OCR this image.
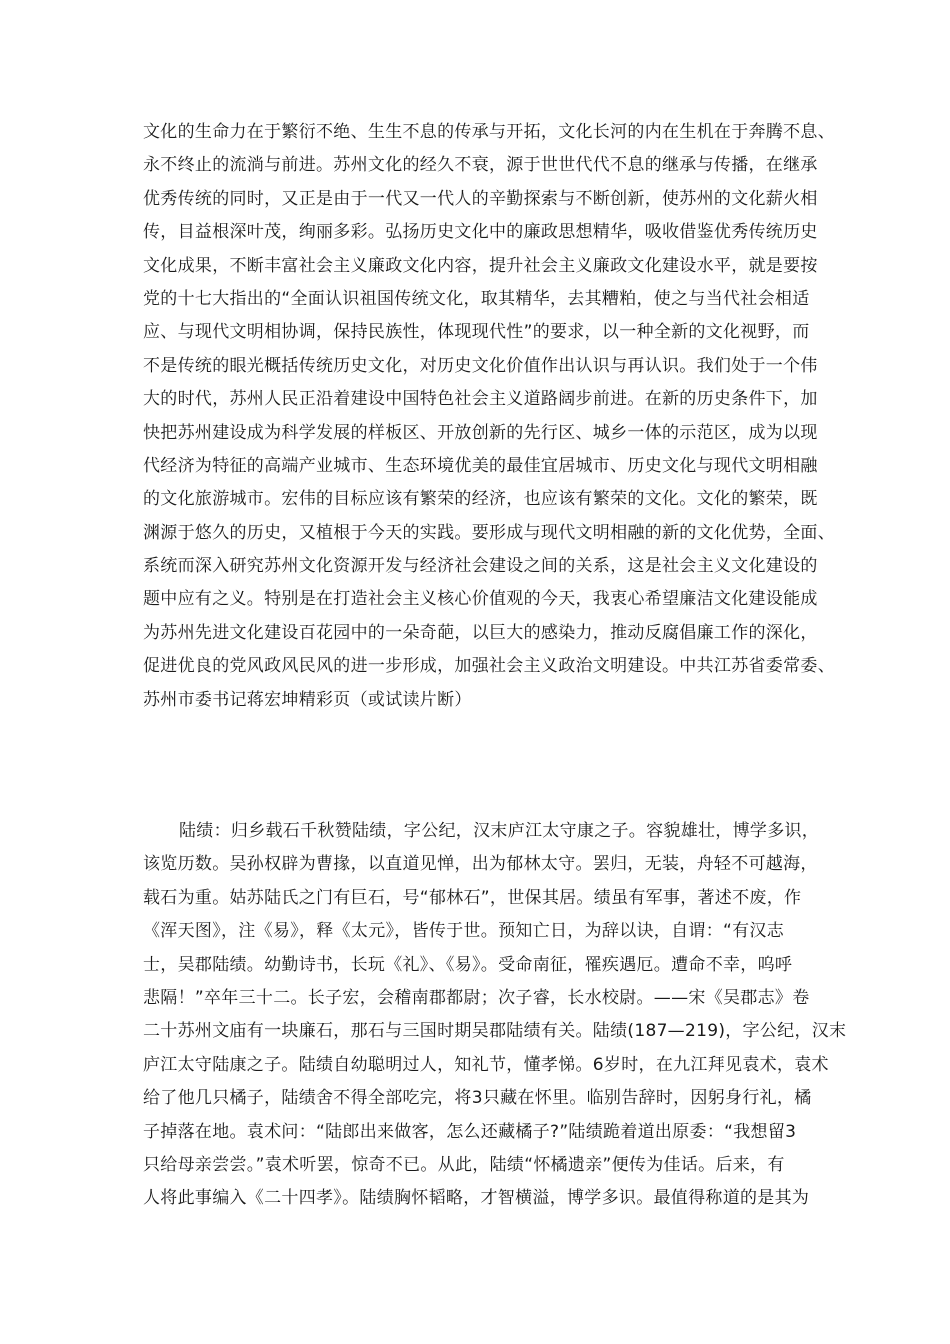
文化的生命力在于繁衍不绝、生生不息的传承与开拓，文化长河的内在生机在于奔腾不息、
永不终止的流淌与前进。苏州文化的经久不衰，源于世世代代不息的继承与传播，在继承
优秀传统的同时，又正是由于一代又一代人的辛勤探索与不断创新，使苏州的文化薪火相
传，目益根深叶茂，绚丽多彩。弘扬历史文化中的廉政思想精华，吸收借鉴优秀传统历史
文化成果，不断丰富社会主义廉政文化内容，提升社会主义廉政文化建设水平，就是要按
党的十七大指出的“全面认识祖国传统文化，取其精华，去其糟粕，使之与当代社会相适
应、与现代文明相协调，保持民族性，体现现代性”的要求，以一种全新的文化视野，而
不是传统的眼光概括传统历史文化，对历史文化价值作出认识与再认识。我们处于一个伟
大的时代，苏州人民正沿着建设中国特色社会主义道路阔步前进。在新的历史条件下，加
快把苏州建设成为科学发展的样板区、开放创新的先行区、城乡一体的示范区，成为以现
代经济为特征的高端产业城市、生态环境优美的最佳宜居城市、历史文化与现代文明相融
的文化旅游城市。宏伟的目标应该有繁荣的经济，也应该有繁荣的文化。文化的繁荣，既
渊源于悠久的历史，又植根于今天的实践。要形成与现代文明相融的新的文化优势，全面、
系统而深入研究苏州文化资源开发与经济社会建设之间的关系，这是社会主义文化建设的
题中应有之义。特别是在打造社会主义核心价值观的今天，我衷心希望廉洁文化建设能成
为苏州先进文化建设百花园中的一朵奇葩，以巨大的感染力，推动反腐倡廉工作的深化，
促进优良的党风政风民风的进一步形成，加强社会主义政治文明建设。中共江苏省委常委、
苏州市委书记蒋宏坤精彩页（或试读片断）
陆绩：归乡载石千秋赞陆绩，字公纪，汉末庐江太守康之子。容貌雄壮，博学多识，
该览历数。吴孙权辟为曹掾，以直道见惮，出为郁林太守。罢归，无装，舟轻不可越海，
载石为重。姑苏陆氏之门有巨石，号“郁林石”，世保其居。绩虽有军事，著述不废，作
《浑天图》，注《易》，释《太元》，皆传于世。预知亡日，为辞以诀，自谓：“有汉志
士，吴郡陆绩。幼勤诗书，长玩《礼》、《易》。受命南征，罹疾遇厄。遭命不幸，呜呼
悲隔！”卒年三十二。长子宏，会稽南郡都尉；次子睿，长水校尉。——宋《吴郡志》卷
二十苏州文庙有一块廉石，那石与三国时期吴郡陆绩有关。陆绩(187—219)，字公纪，汉末
庐江太守陆康之子。陆绩自幼聪明过人，知礼节，懂孝悌。6岁时，在九江拜见袁术，袁术
给了他几只橘子，陆绩舍不得全部吃完，将3只藏在怀里。临别告辞时，因躬身行礼，橘
子掉落在地。袁术问：“陆郎出来做客，怎么还藏橘子?”陆绩跪着道出原委：“我想留3
只给母亲尝尝。”袁术听罢，惊奇不已。从此，陆绩“怀橘遗亲”便传为佳话。后来，有
人将此事编入《二十四孝》。陆绩胸怀韬略，才智横溢，博学多识。最值得称道的是其为
